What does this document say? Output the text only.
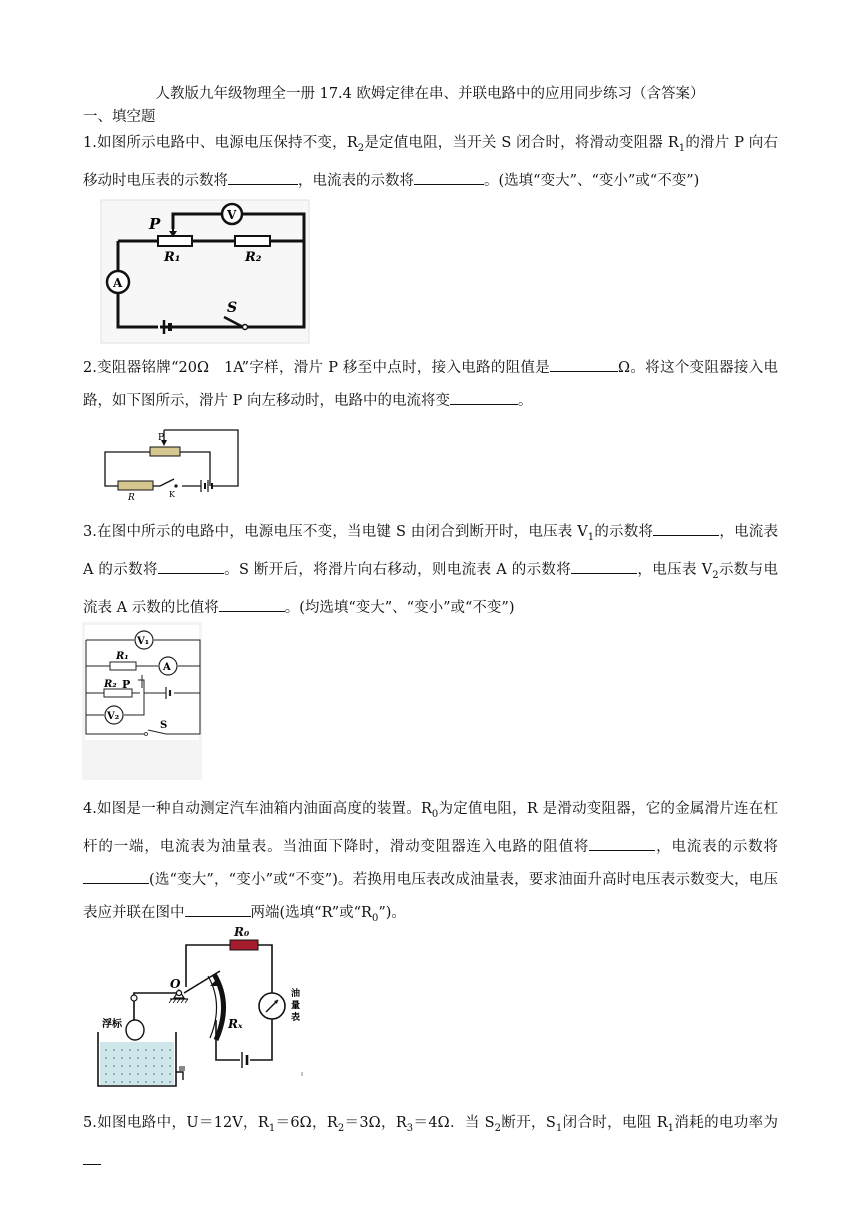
人教版九年级物理全一册 17.4 欧姆定律在串、并联电路中的应用同步练习（含答案）
一、填空题
1.如图所示电路中、电源电压保持不变，$R_2$是定值电阻，当开关 S 闭合时，将滑动变阻器 $R_1$的滑片 P 向右移动时电压表的示数将	，电流表的示数将	。(选填“变大”、“变小”或“不变”)
P
R₁	R₂
V
A
S
2.变阻器铭牌“20Ω　1A”字样，滑片 P 移至中点时，接入电路的阻值是	Ω。将这个变阻器接入电路，如下图所示，滑片 P 向左移动时，电路中的电流将变	。
P
R	K
3.在图中所示的电路中，电源电压不变，当电键 S 由闭合到断开时，电压表 $V_1$的示数将	，电流表 A 的示数将	。S 断开后，将滑片向右移动，则电流表 A 的示数将	，电压表 $V_2$示数与电流表 A 示数的比值将	。(均选填“变大”、“变小”或“不变”)
V₁
A
R₁
R₂ P
V₂
S
4.如图是一种自动测定汽车油箱内油面高度的装置。$R_0$为定值电阻，R 是滑动变阻器，它的金属滑片连在杠杆的一端，电流表为油量表。当油面下降时，滑动变阻器连入电路的阻值将	，电流表的示数将(选“变大”，“变小”或“不变”)。若换用电压表改成油量表，要求油面升高时电压表示数变大，电压表应并联在图中	两端(选填“R”或“$R_0$”)。
R₀
O
Rₓ
浮标
油
量
表
5.如图电路中，U＝12V，$R_1=6\Omega$，$R_2=3\Omega$，$R_3=4\Omega$．当 $S_2$断开，$S_1$闭合时，电阻 $R_1$消耗的电功率为
